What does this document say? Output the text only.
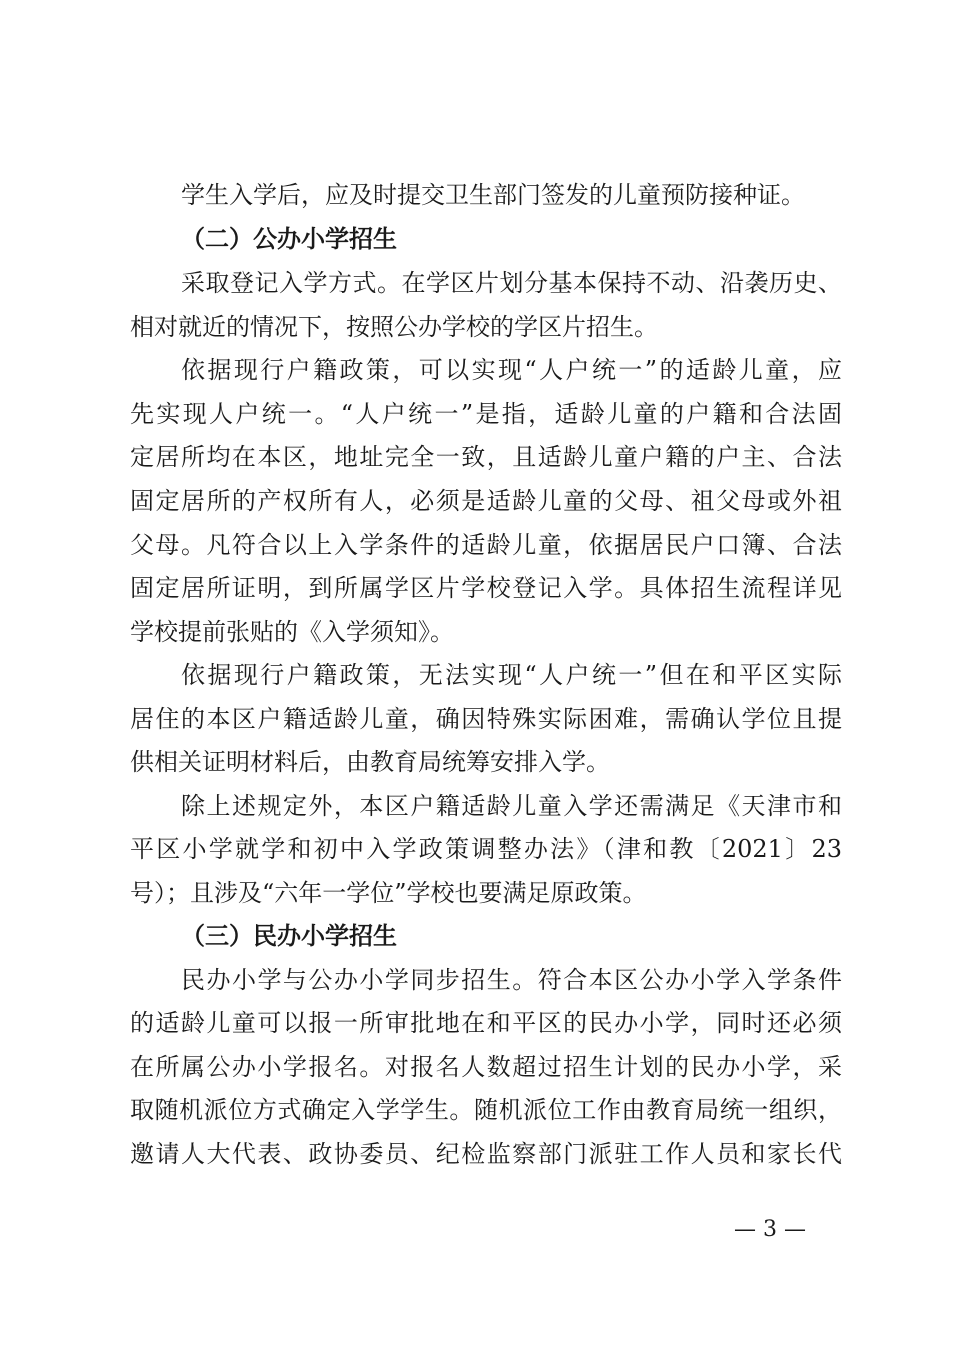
学生入学后，应及时提交卫生部门签发的儿童预防接种证。
（二）公办小学招生
采取登记入学方式。在学区片划分基本保持不动、沿袭历史、
相对就近的情况下，按照公办学校的学区片招生。
依据现行户籍政策，可以实现“人户统一”的适龄儿童，应
先实现人户统一。“人户统一”是指，适龄儿童的户籍和合法固
定居所均在本区，地址完全一致，且适龄儿童户籍的户主、合法
固定居所的产权所有人，必须是适龄儿童的父母、祖父母或外祖
父母。凡符合以上入学条件的适龄儿童，依据居民户口簿、合法
固定居所证明，到所属学区片学校登记入学。具体招生流程详见
学校提前张贴的《入学须知》。
依据现行户籍政策，无法实现“人户统一”但在和平区实际
居住的本区户籍适龄儿童，确因特殊实际困难，需确认学位且提
供相关证明材料后，由教育局统筹安排入学。
除上述规定外，本区户籍适龄儿童入学还需满足《天津市和
平区小学就学和初中入学政策调整办法》（津和教〔2021〕23
号）；且涉及“六年一学位”学校也要满足原政策。
（三）民办小学招生
民办小学与公办小学同步招生。符合本区公办小学入学条件
的适龄儿童可以报一所审批地在和平区的民办小学，同时还必须
在所属公办小学报名。对报名人数超过招生计划的民办小学，采
取随机派位方式确定入学学生。随机派位工作由教育局统一组织，
邀请人大代表、政协委员、纪检监察部门派驻工作人员和家长代
— 3 —
